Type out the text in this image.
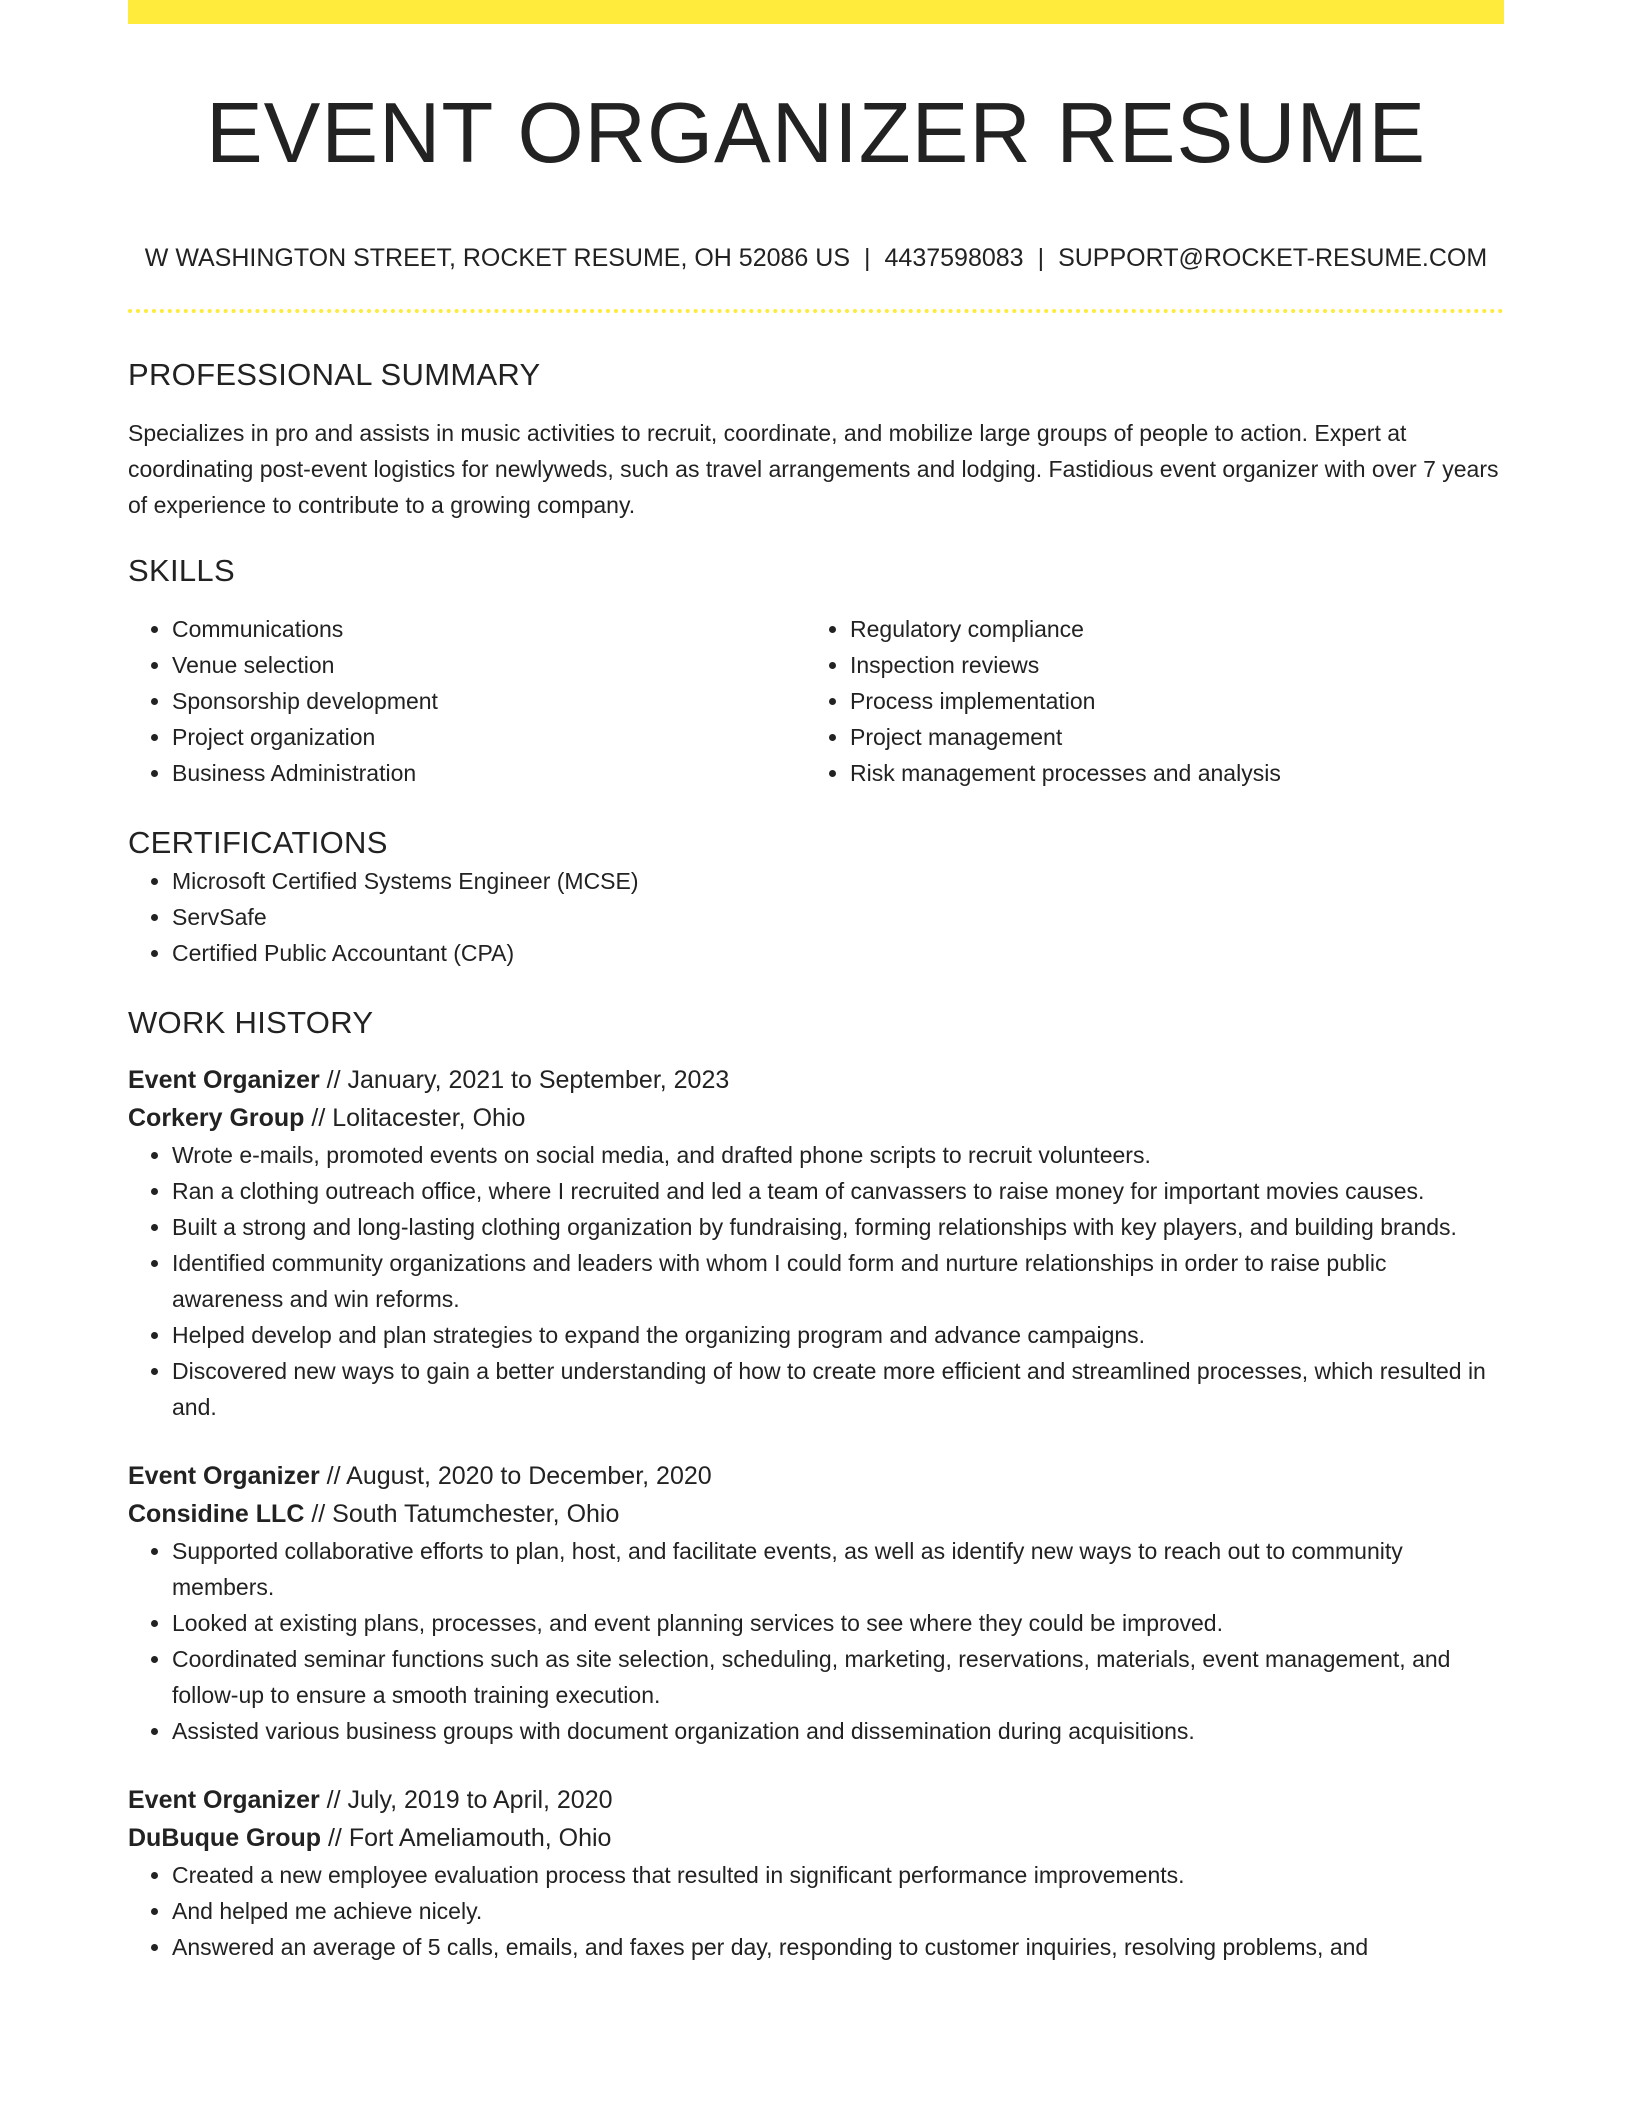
EVENT ORGANIZER RESUME
W WASHINGTON STREET, ROCKET RESUME, OH 52086 US | 4437598083 | SUPPORT@ROCKET-RESUME.COM
PROFESSIONAL SUMMARY

Specializes in pro and assists in music activities to recruit, coordinate, and mobilize large groups of people to action. Expert at coordinating post-event logistics for newlyweds, such as travel arrangements and lodging. Fastidious event organizer with over 7 years of experience to contribute to a growing company.

SKILLS
• Communications
• Venue selection
• Sponsorship development
• Project organization
• Business Administration
• Regulatory compliance
• Inspection reviews
• Process implementation
• Project management
• Risk management processes and analysis
CERTIFICATIONS
• Microsoft Certified Systems Engineer (MCSE)
• ServSafe
• Certified Public Accountant (CPA)
WORK HISTORY
Event Organizer // January, 2021 to September, 2023
Corkery Group // Lolitacester, Ohio
• Wrote e-mails, promoted events on social media, and drafted phone scripts to recruit volunteers.
• Ran a clothing outreach office, where I recruited and led a team of canvassers to raise money for important movies causes.
• Built a strong and long-lasting clothing organization by fundraising, forming relationships with key players, and building brands.
• Identified community organizations and leaders with whom I could form and nurture relationships in order to raise public awareness and win reforms.
• Helped develop and plan strategies to expand the organizing program and advance campaigns.
• Discovered new ways to gain a better understanding of how to create more efficient and streamlined processes, which resulted in and.
Event Organizer // August, 2020 to December, 2020
Considine LLC // South Tatumchester, Ohio
• Supported collaborative efforts to plan, host, and facilitate events, as well as identify new ways to reach out to community members.
• Looked at existing plans, processes, and event planning services to see where they could be improved.
• Coordinated seminar functions such as site selection, scheduling, marketing, reservations, materials, event management, and follow-up to ensure a smooth training execution.
• Assisted various business groups with document organization and dissemination during acquisitions.
Event Organizer // July, 2019 to April, 2020
DuBuque Group // Fort Ameliamouth, Ohio
• Created a new employee evaluation process that resulted in significant performance improvements.
• And helped me achieve nicely.
• Answered an average of 5 calls, emails, and faxes per day, responding to customer inquiries, resolving problems, and
